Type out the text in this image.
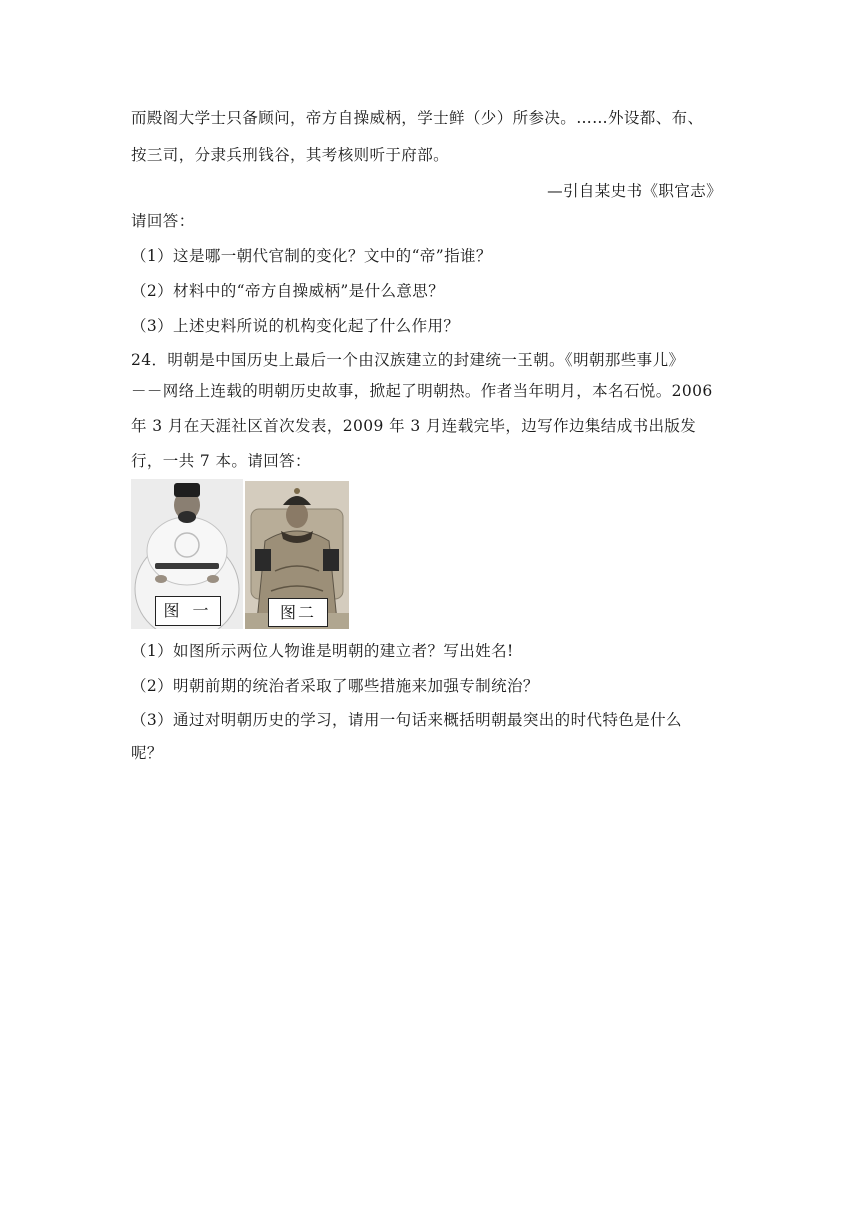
而殿阁大学士只备顾问，帝方自操威柄，学士鲜（少）所参决。……外设都、布、
按三司，分隶兵刑钱谷，其考核则听于府部。
—引自某史书《职官志》
请回答：
（1）这是哪一朝代官制的变化？文中的“帝”指谁？
（2）材料中的“帝方自操威柄”是什么意思？
（3）上述史料所说的机构变化起了什么作用？
24．明朝是中国历史上最后一个由汉族建立的封建统一王朝。《明朝那些事儿》
－－网络上连载的明朝历史故事，掀起了明朝热。作者当年明月，本名石悦。2006
年 3 月在天涯社区首次发表，2009 年 3 月连载完毕，边写作边集结成书出版发
行，一共 7 本。请回答：
图 一	图二
（1）如图所示两位人物谁是明朝的建立者？写出姓名!
（2）明朝前期的统治者采取了哪些措施来加强专制统治？
（3）通过对明朝历史的学习，请用一句话来概括明朝最突出的时代特色是什么
呢？
